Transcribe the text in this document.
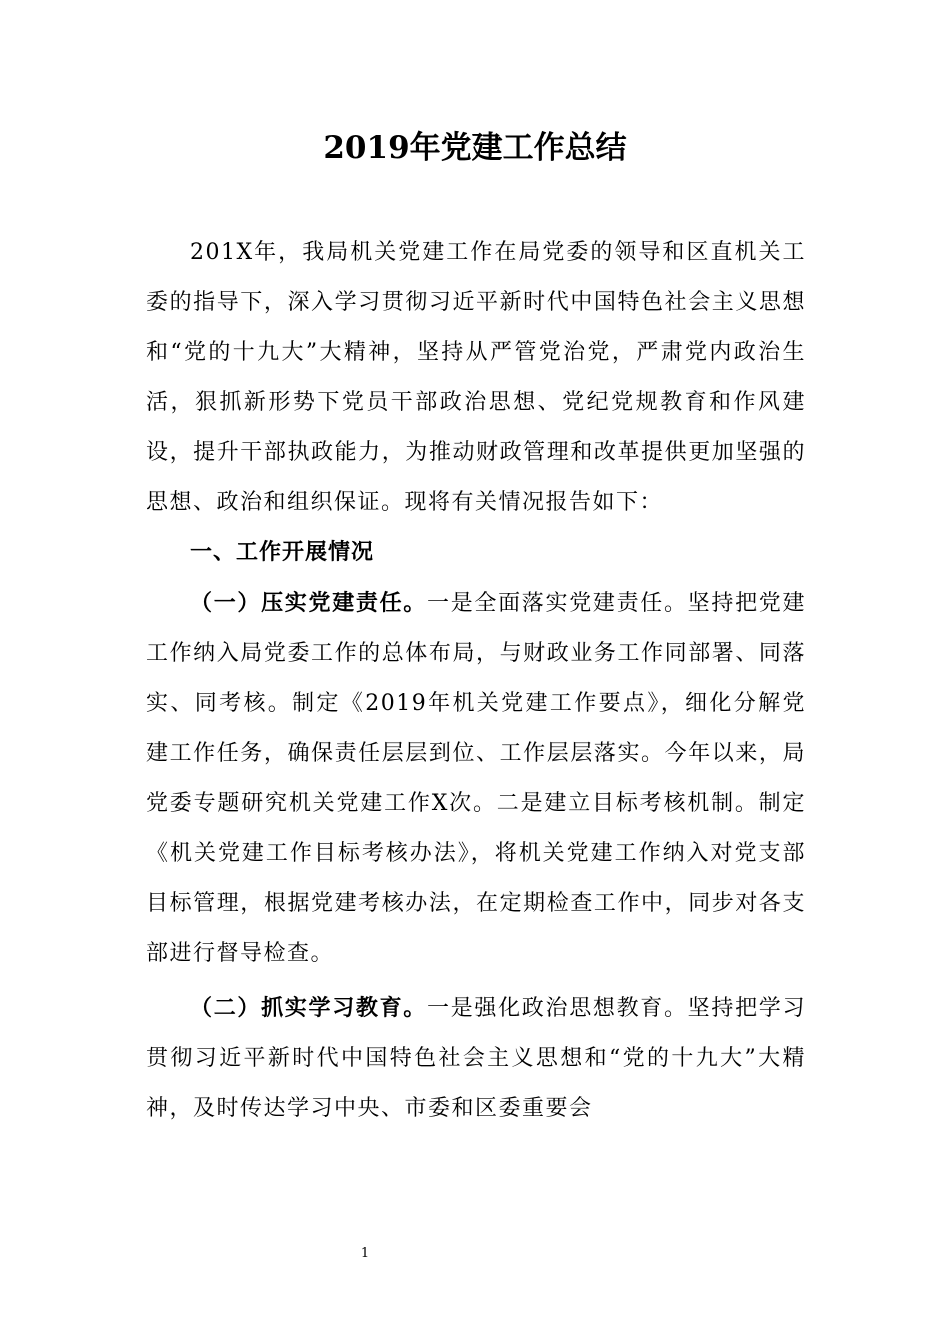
2019年党建工作总结

201X年，我局机关党建工作在局党委的领导和区直机关工委的指导下，深入学习贯彻习近平新时代中国特色社会主义思想和“党的十九大”大精神，坚持从严管党治党，严肃党内政治生活，狠抓新形势下党员干部政治思想、党纪党规教育和作风建设，提升干部执政能力，为推动财政管理和改革提供更加坚强的思想、政治和组织保证。现将有关情况报告如下：

一、工作开展情况

（一）压实党建责任。一是全面落实党建责任。坚持把党建工作纳入局党委工作的总体布局，与财政业务工作同部署、同落实、同考核。制定《2019年机关党建工作要点》，细化分解党建工作任务，确保责任层层到位、工作层层落实。今年以来，局党委专题研究机关党建工作X次。二是建立目标考核机制。制定《机关党建工作目标考核办法》，将机关党建工作纳入对党支部目标管理，根据党建考核办法，在定期检查工作中，同步对各支部进行督导检查。

（二）抓实学习教育。一是强化政治思想教育。坚持把学习贯彻习近平新时代中国特色社会主义思想和“党的十九大”大精神，及时传达学习中央、市委和区委重要会

1
